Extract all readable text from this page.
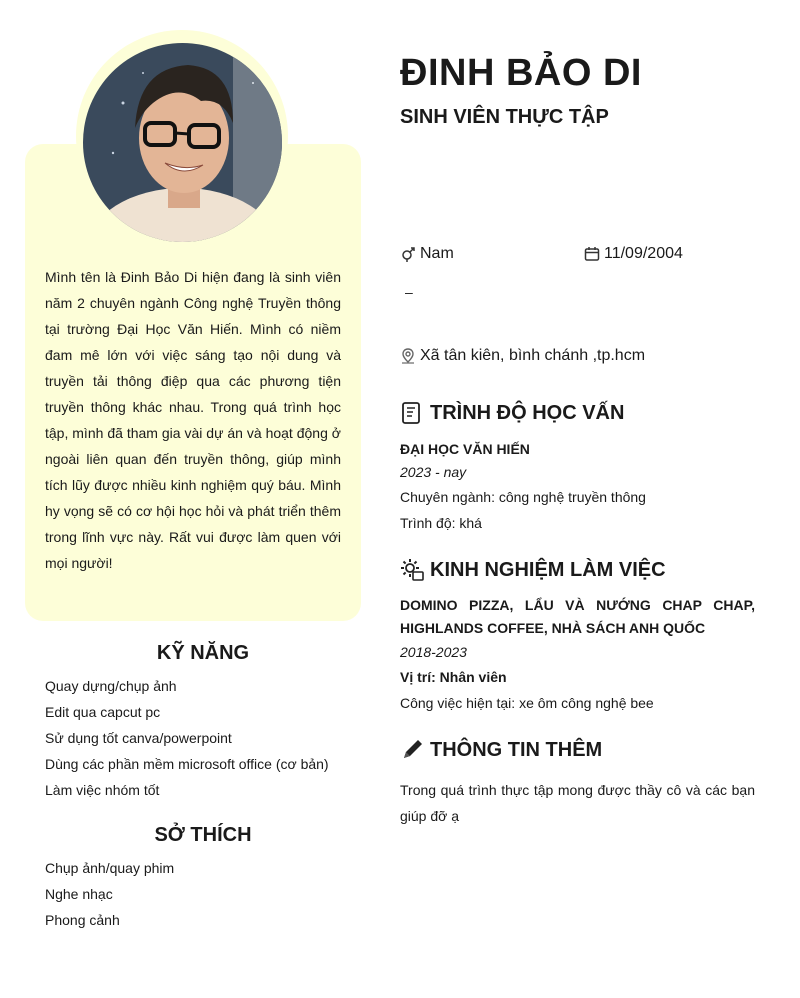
Mình tên là Đinh Bảo Di hiện đang là sinh viên năm 2 chuyên ngành Công nghệ Truyền thông tại trường Đại Học Văn Hiến. Mình có niềm đam mê lớn với việc sáng tạo nội dung và truyền tải thông điệp qua các phương tiện truyền thông khác nhau. Trong quá trình học tập, mình đã tham gia vài dự án và hoạt động ở ngoài liên quan đến truyền thông, giúp mình tích lũy được nhiều kinh nghiệm quý báu. Mình hy vọng sẽ có cơ hội học hỏi và phát triển thêm trong lĩnh vực này. Rất vui được làm quen với mọi người!

KỸ NĂNG
Quay dựng/chụp ảnh
Edit qua capcut pc
Sử dụng tốt canva/powerpoint
Dùng các phần mềm microsoft office (cơ bản)
Làm việc nhóm tốt
SỞ THÍCH
Chụp ảnh/quay phim
Nghe nhạc
Phong cảnh
ĐINH BẢO DI
SINH VIÊN THỰC TẬP
Nam	11/09/2004
–
Xã tân kiên, bình chánh ,tp.hcm
TRÌNH ĐỘ HỌC VẤN

ĐẠI HỌC VĂN HIẾN

2023 - nay

Chuyên ngành: công nghệ truyền thông

Trình độ: khá

KINH NGHIỆM LÀM VIỆC

DOMINO PIZZA, LẨU VÀ NƯỚNG CHAP CHAP, HIGHLANDS COFFEE, NHÀ SÁCH ANH QUỐC

2018-2023

Vị trí: Nhân viên

Công việc hiện tại: xe ôm công nghệ bee

THÔNG TIN THÊM

Trong quá trình thực tập mong được thầy cô và các bạn giúp đỡ ạ
